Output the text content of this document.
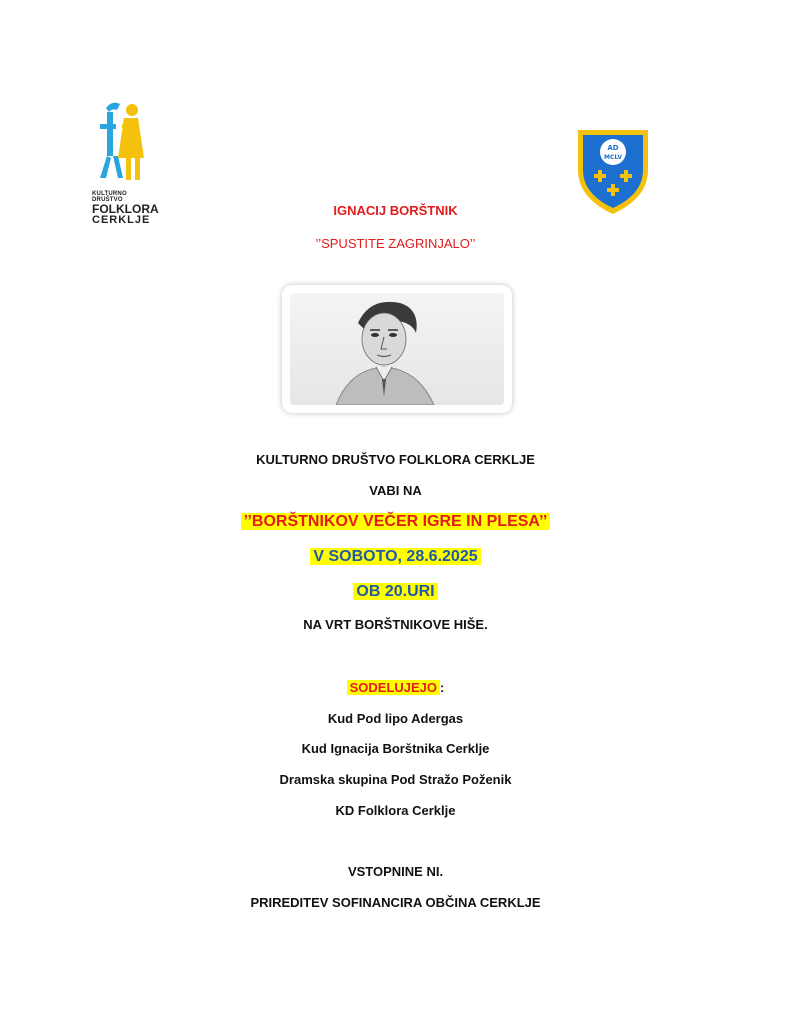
KULTURNO DRUŠTVO
FOLKLORA
CERKLJE
AD
MCLV
IGNACIJ BORŠTNIK
’’SPUSTITE ZAGRINJALO’’
KULTURNO DRUŠTVO FOLKLORA CERKLJE
VABI NA
’’BORŠTNIKOV VEČER IGRE IN PLESA’’
V SOBOTO, 28.6.2025
OB 20.URI
NA VRT BORŠTNIKOVE HIŠE.
SODELUJEJO :
Kud Pod lipo Adergas
Kud Ignacija Borštnika Cerklje
Dramska skupina Pod Stražo Poženik
KD Folklora Cerklje
VSTOPNINE NI.
PRIREDITEV SOFINANCIRA OBČINA CERKLJE
